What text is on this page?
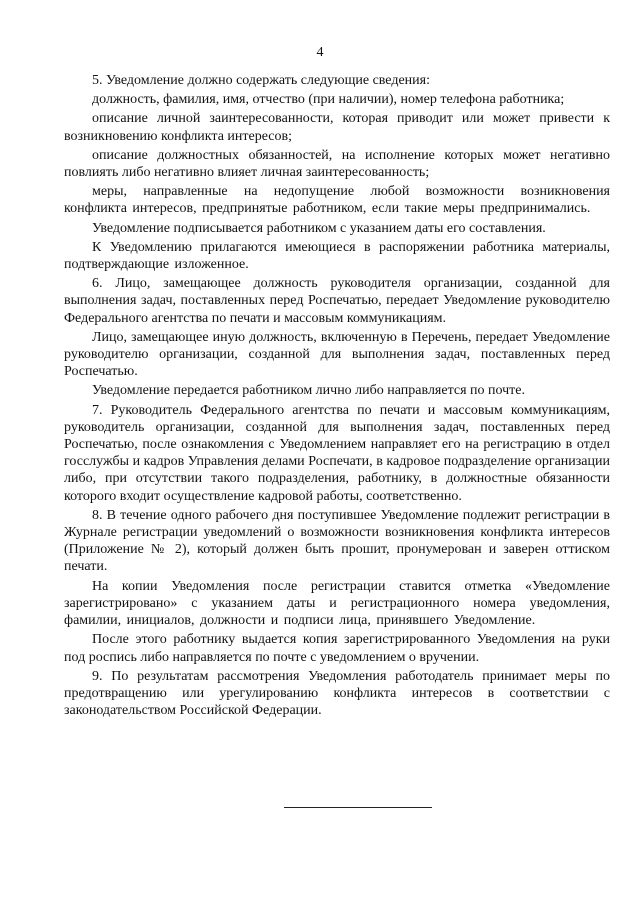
4

5. Уведомление должно содержать следующие сведения:

должность, фамилия, имя, отчество (при наличии), номер телефона работника;

описание личной заинтересованности, которая приводит или может привести к возникновению конфликта интересов;

описание должностных обязанностей, на исполнение которых может негативно повлиять либо негативно влияет личная заинтересованность;

меры, направленные на недопущение любой возможности возникновения конфликта интересов, предпринятые работником, если такие меры предпринимались.

Уведомление подписывается работником с указанием даты его составления.

К Уведомлению прилагаются имеющиеся в распоряжении работника материалы, подтверждающие изложенное.

6. Лицо, замещающее должность руководителя организации, созданной для выполнения задач, поставленных перед Роспечатью, передает Уведомление руководителю Федерального агентства по печати и массовым коммуникациям.

Лицо, замещающее иную должность, включенную в Перечень, передает Уведомление руководителю организации, созданной для выполнения задач, поставленных перед Роспечатью.

Уведомление передается работником лично либо направляется по почте.

7. Руководитель Федерального агентства по печати и массовым коммуникациям, руководитель организации, созданной для выполнения задач, поставленных перед Роспечатью, после ознакомления с Уведомлением направляет его на регистрацию в отдел госслужбы и кадров Управления делами Роспечати, в кадровое подразделение организации либо, при отсутствии такого подразделения, работнику, в должностные обязанности которого входит осуществление кадровой работы, соответственно.

8. В течение одного рабочего дня поступившее Уведомление подлежит регистрации в Журнале регистрации уведомлений о возможности возникновения конфликта интересов (Приложение № 2), который должен быть прошит, пронумерован и заверен оттиском печати.

На копии Уведомления после регистрации ставится отметка «Уведомление зарегистрировано» с указанием даты и регистрационного номера уведомления, фамилии, инициалов, должности и подписи лица, принявшего Уведомление.

После этого работнику выдается копия зарегистрированного Уведомления на руки под роспись либо направляется по почте с уведомлением о вручении.

9. По результатам рассмотрения Уведомления работодатель принимает меры по предотвращению или урегулированию конфликта интересов в соответствии с законодательством Российской Федерации.
